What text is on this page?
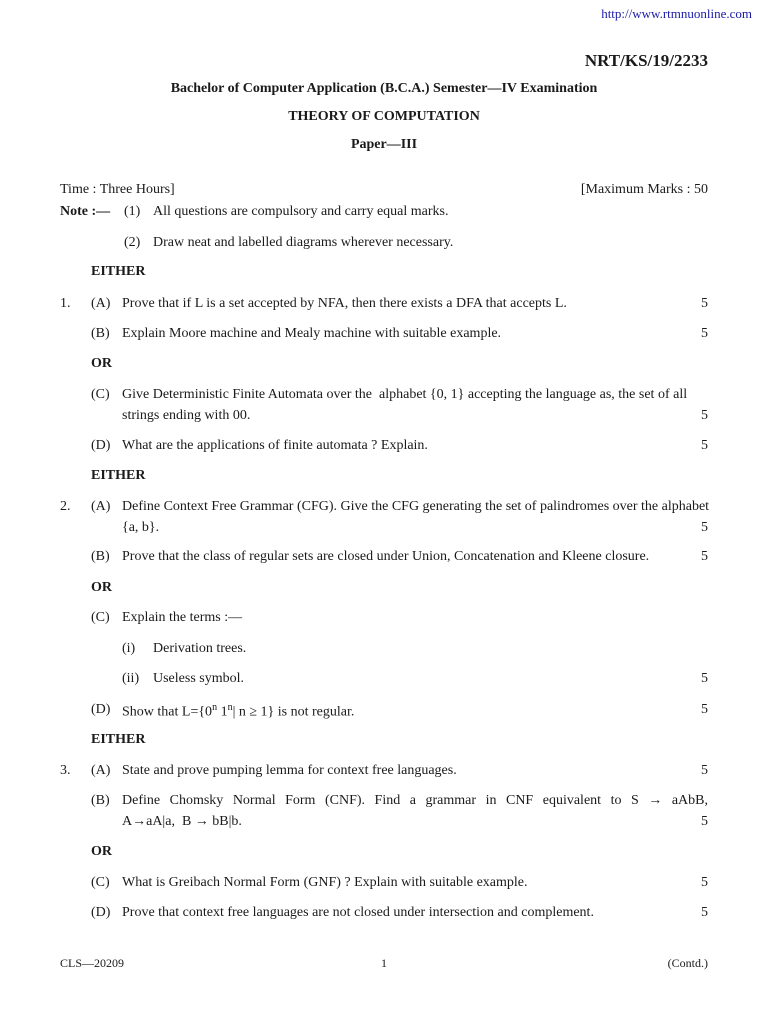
http://www.rtmnuonline.com
NRT/KS/19/2233
Bachelor of Computer Application (B.C.A.) Semester—IV Examination
THEORY OF COMPUTATION
Paper—III
Time : Three Hours]	[Maximum Marks : 50
Note :— (1) All questions are compulsory and carry equal marks.
(2) Draw neat and labelled diagrams wherever necessary.
EITHER
1. (A) Prove that if L is a set accepted by NFA, then there exists a DFA that accepts L.	5
(B) Explain Moore machine and Mealy machine with suitable example.	5
OR
(C) Give Deterministic Finite Automata over the  alphabet {0, 1} accepting the language as, the set of all
strings ending with 00.	5
(D) What are the applications of finite automata ? Explain.	5
EITHER
2. (A) Define Context Free Grammar (CFG). Give the CFG generating the set of palindromes over the alphabet
{a, b}.	5
(B) Prove that the class of regular sets are closed under Union, Concatenation and Kleene closure.	5
OR
(C) Explain the terms :—
(i) Derivation trees.
(ii) Useless symbol.	5
(D) Show that $L=\{0^n$ 1$^n$| n ≥ 1} is not regular.	5
EITHER
3. (A) State and prove pumping lemma for context free languages.	5
(B) Define Chomsky Normal Form (CNF). Find a grammar in CNF equivalent to S → aAbB,
A→aA|a,  B → bB|b.	5
OR
(C) What is Greibach Normal Form (GNF) ? Explain with suitable example.	5
(D) Prove that context free languages are not closed under intersection and complement.	5
CLS—20209	1	(Contd.)
